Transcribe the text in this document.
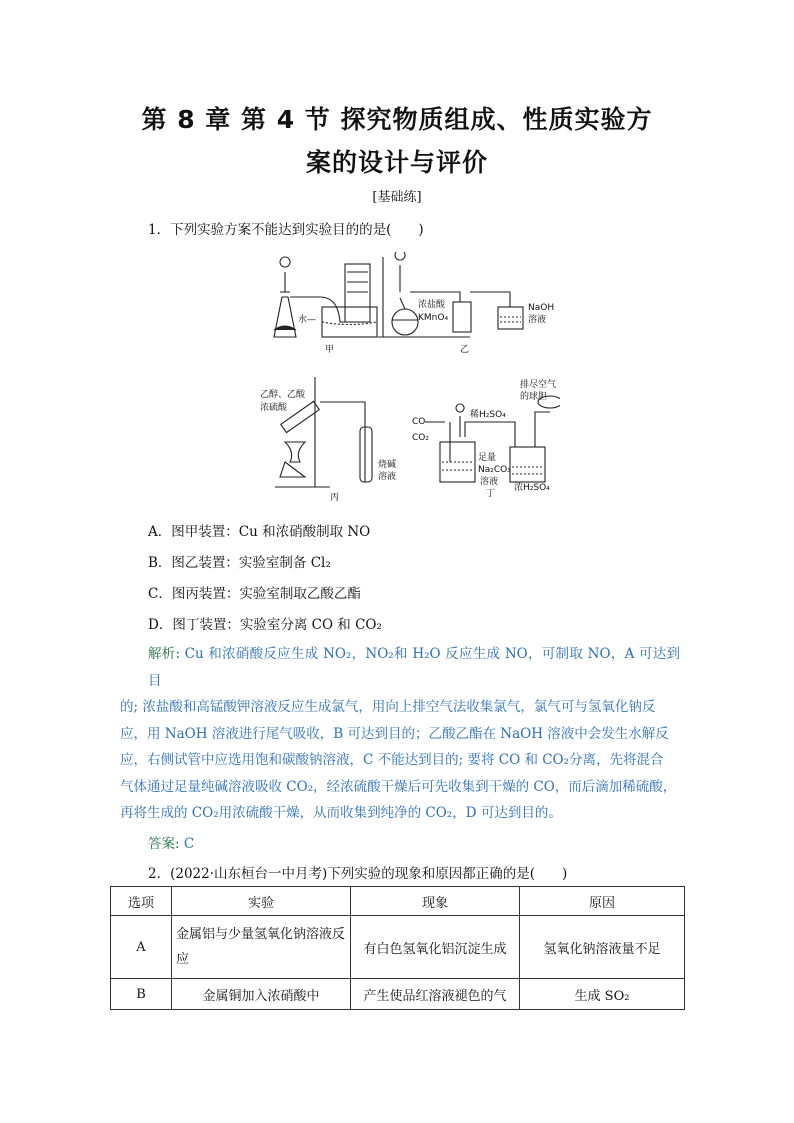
第 8 章 第 4 节 探究物质组成、性质实验方
案的设计与评价
[基础练]
1．下列实验方案不能达到实验目的的是(　　)
水—
甲
浓盐酸
KMnO₄
NaOH
溶液
乙
乙醇、乙酸
浓硫酸
烧碱
溶液
丙
CO
CO₂
稀H₂SO₄
排尽空气
的球胆
足量
Na₂CO₃
溶液
浓H₂SO₄
丁
A．图甲装置：Cu 和浓硝酸制取 NO
B．图乙装置：实验室制备 Cl₂
C．图丙装置：实验室制取乙酸乙酯
D．图丁装置：实验室分离 CO 和 CO₂
解析: Cu 和浓硝酸反应生成 NO₂，NO₂和 H₂O 反应生成 NO，可制取 NO，A 可达到目
的; 浓盐酸和高锰酸钾溶液反应生成氯气，用向上排空气法收集氯气，氯气可与氢氧化钠反
应，用 NaOH 溶液进行尾气吸收，B 可达到目的；乙酸乙酯在 NaOH 溶液中会发生水解反
应，右侧试管中应选用饱和碳酸钠溶液，C 不能达到目的; 要将 CO 和 CO₂分离，先将混合
气体通过足量纯碱溶液吸收 CO₂，经浓硫酸干燥后可先收集到干燥的 CO，而后滴加稀硫酸，
再将生成的 CO₂用浓硫酸干燥，从而收集到纯净的 CO₂，D 可达到目的。
答案: C
2．(2022·山东桓台一中月考)下列实验的现象和原因都正确的是(　　)
选项	实验	现象	原因
A	金属铝与少量氢氧化钠溶液反应	有白色氢氧化铝沉淀生成	氢氧化钠溶液量不足
B	金属铜加入浓硝酸中	产生使品红溶液褪色的气	生成 SO₂
